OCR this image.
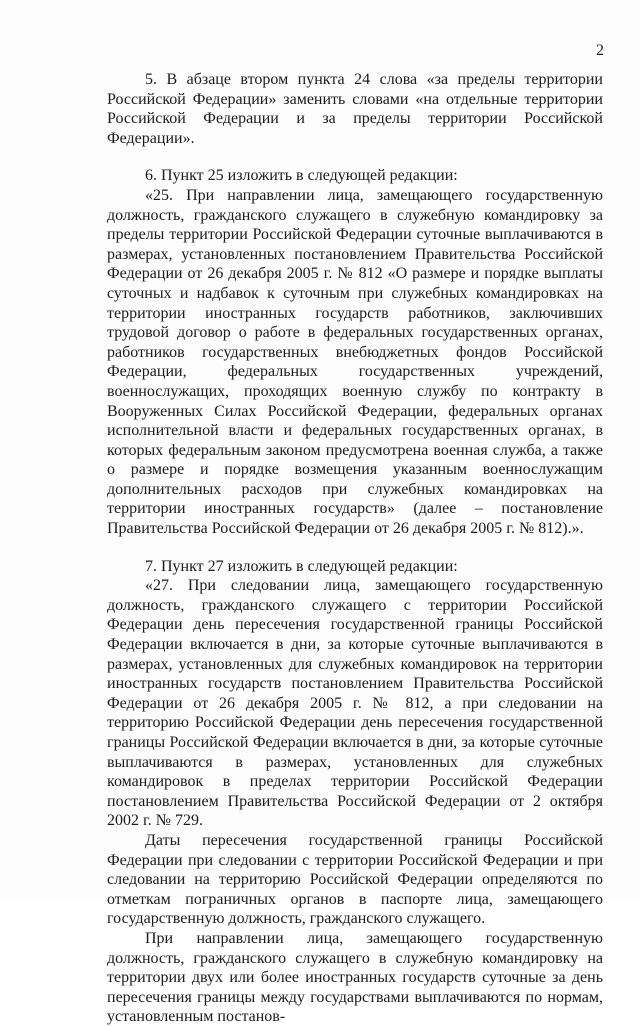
2

5. В абзаце втором пункта 24 слова «за пределы территории Российской Федерации» заменить словами «на отдельные территории Российской Федерации и за пределы территории Российской Федерации».

6. Пункт 25 изложить в следующей редакции:

«25. При направлении лица, замещающего государственную должность, гражданского служащего в служебную командировку за пределы территории Российской Федерации суточные выплачиваются в размерах, установленных постановлением Правительства Российской Федерации от 26 декабря 2005 г. № 812 «О размере и порядке выплаты суточных и надбавок к суточным при служебных командировках на территории иностранных государств работников, заключивших трудовой договор о работе в федеральных государственных органах, работников государственных внебюджетных фондов Российской Федерации, федеральных государственных учреждений, военнослужащих, проходящих военную службу по контракту в Вооруженных Силах Российской Федерации, федеральных органах исполнительной власти и федеральных государственных органах, в которых федеральным законом предусмотрена военная служба, а также о размере и порядке возмещения указанным военнослужащим дополнительных расходов при служебных командировках на территории иностранных государств» (далее – постановление Правительства Российской Федерации от 26 декабря 2005 г. № 812).».

7. Пункт 27 изложить в следующей редакции:

«27. При следовании лица, замещающего государственную должность, гражданского служащего с территории Российской Федерации день пересечения государственной границы Российской Федерации включается в дни, за которые суточные выплачиваются в размерах, установленных для служебных командировок на территории иностранных государств постановлением Правительства Российской Федерации от 26 декабря 2005 г. № 812, а при следовании на территорию Российской Федерации день пересечения государственной границы Российской Федерации включается в дни, за которые суточные выплачиваются в размерах, установленных для служебных командировок в пределах территории Российской Федерации постановлением Правительства Российской Федерации от 2 октября 2002 г. № 729.

Даты пересечения государственной границы Российской Федерации при следовании с территории Российской Федерации и при следовании на территорию Российской Федерации определяются по отметкам пограничных органов в паспорте лица, замещающего государственную должность, гражданского служащего.

При направлении лица, замещающего государственную должность, гражданского служащего в служебную командировку на территории двух или более иностранных государств суточные за день пересечения границы между государствами выплачиваются по нормам, установленным постанов-
